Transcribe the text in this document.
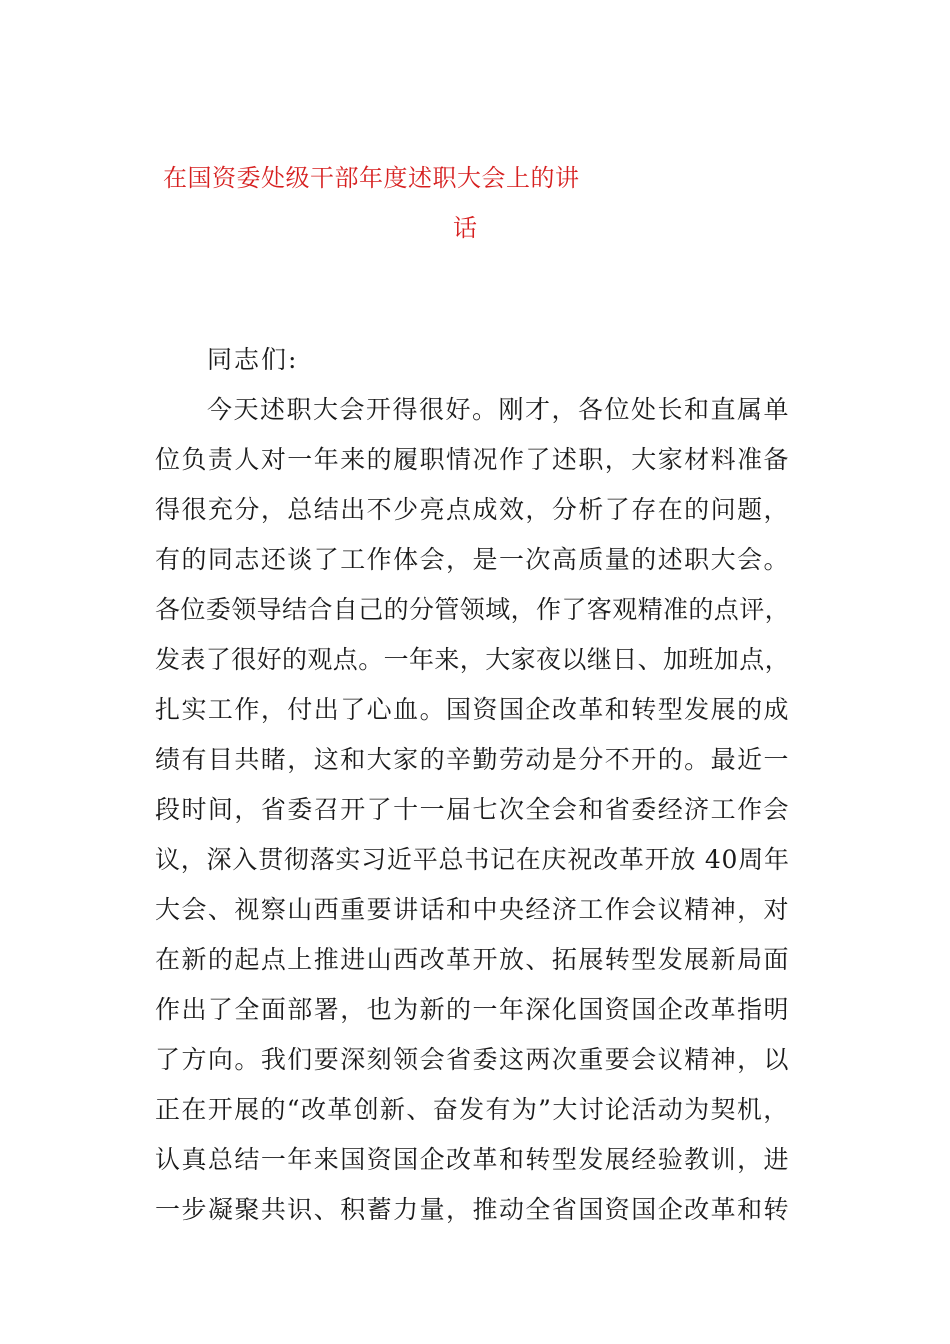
在国资委处级干部年度述职大会上的讲
话
同志们:
今天述职大会开得很好。刚才，各位处长和直属单
位负责人对一年来的履职情况作了述职，大家材料准备
得很充分，总结出不少亮点成效，分析了存在的问题，
有的同志还谈了工作体会，是一次高质量的述职大会。
各位委领导结合自己的分管领域，作了客观精准的点评，
发表了很好的观点。一年来，大家夜以继日、加班加点，
扎实工作，付出了心血。国资国企改革和转型发展的成
绩有目共睹，这和大家的辛勤劳动是分不开的。最近一
段时间，省委召开了十一届七次全会和省委经济工作会
议，深入贯彻落实习近平总书记在庆祝改革开放 40周年
大会、视察山西重要讲话和中央经济工作会议精神，对
在新的起点上推进山西改革开放、拓展转型发展新局面
作出了全面部署，也为新的一年深化国资国企改革指明
了方向。我们要深刻领会省委这两次重要会议精神，以
正在开展的“改革创新、奋发有为”大讨论活动为契机，
认真总结一年来国资国企改革和转型发展经验教训，进
一步凝聚共识、积蓄力量，推动全省国资国企改革和转
